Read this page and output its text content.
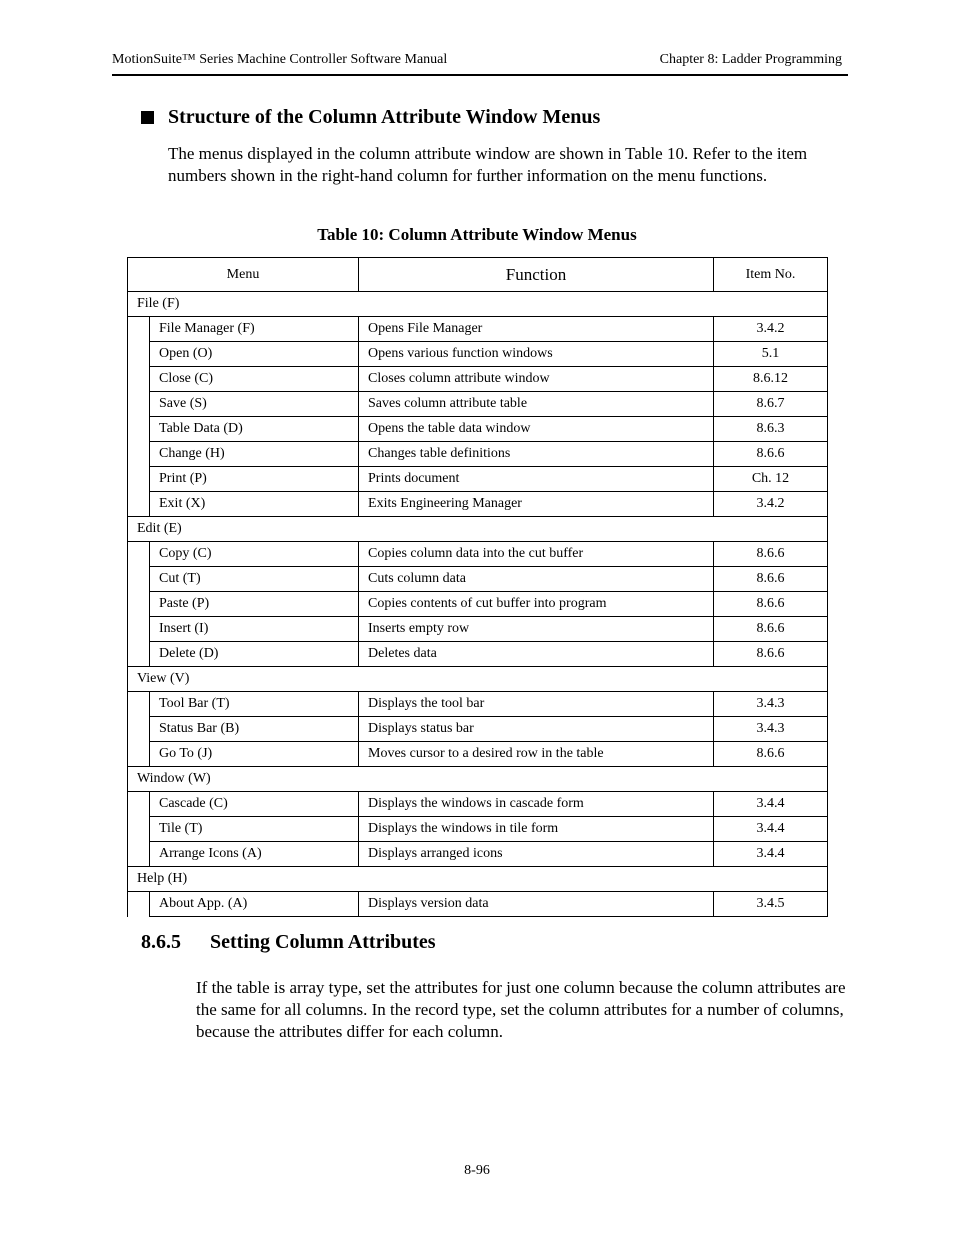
MotionSuite™ Series Machine Controller Software Manual	Chapter 8: Ladder Programming
Structure of the Column Attribute Window Menus
The menus displayed in the column attribute window are shown in Table 10. Refer to the item numbers shown in the right-hand column for further information on the menu functions.
Table 10: Column Attribute Window Menus
Menu		Function	Item No.
File (F)			
	File Manager (F)	Opens File Manager	3.4.2
	Open (O)	Opens various function windows	5.1
	Close (C)	Closes column attribute window	8.6.12
	Save (S)	Saves column attribute table	8.6.7
	Table Data (D)	Opens the table data window	8.6.3
	Change (H)	Changes table definitions	8.6.6
	Print (P)	Prints document	Ch. 12
	Exit (X)	Exits Engineering Manager	3.4.2
Edit (E)			
	Copy (C)	Copies column data into the cut buffer	8.6.6
	Cut (T)	Cuts column data	8.6.6
	Paste (P)	Copies contents of cut buffer into program	8.6.6
	Insert (I)	Inserts empty row	8.6.6
	Delete (D)	Deletes data	8.6.6
View (V)			
	Tool Bar (T)	Displays the tool bar	3.4.3
	Status Bar (B)	Displays status bar	3.4.3
	Go To (J)	Moves cursor to a desired row in the table	8.6.6
Window (W)			
	Cascade (C)	Displays the windows in cascade form	3.4.4
	Tile (T)	Displays the windows in tile form	3.4.4
	Arrange Icons (A)	Displays arranged icons	3.4.4
Help (H)			
	About App. (A)	Displays version data	3.4.5
8.6.5 Setting Column Attributes
If the table is array type, set the attributes for just one column because the column attributes are the same for all columns. In the record type, set the column attributes for a number of columns, because the attributes differ for each column.
8-96
